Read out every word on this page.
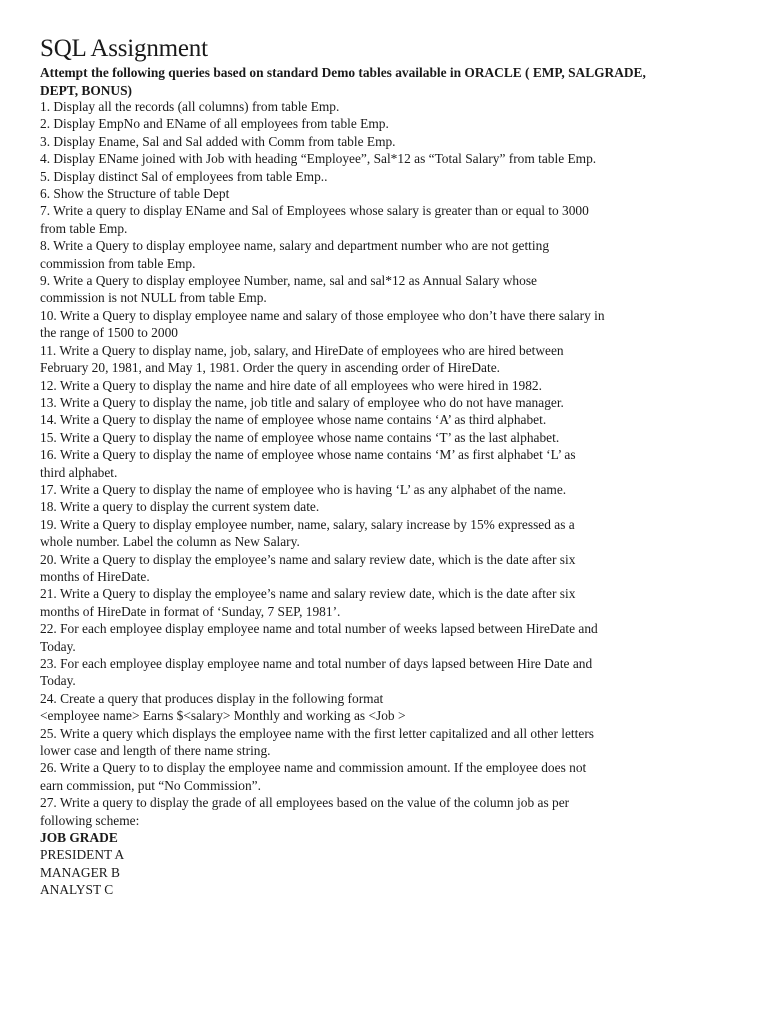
SQL Assignment
Attempt the following queries based on standard Demo tables available in ORACLE ( EMP, SALGRADE,
DEPT, BONUS)
1. Display all the records (all columns) from table Emp.
2. Display EmpNo and EName of all employees from table Emp.
3. Display Ename, Sal and Sal added with Comm from table Emp.
4. Display EName joined with Job with heading “Employee”, Sal*12 as “Total Salary” from table Emp.
5. Display distinct Sal of employees from table Emp..
6. Show the Structure of table Dept
7. Write a query to display EName and Sal of Employees whose salary is greater than or equal to 3000
from table Emp.
8. Write a Query to display employee name, salary and department number who are not getting
commission from table Emp.
9. Write a Query to display employee Number, name, sal and sal*12 as Annual Salary whose
commission is not NULL from table Emp.
10. Write a Query to display employee name and salary of those employee who don’t have there salary in
the range of 1500 to 2000
11. Write a Query to display name, job, salary, and HireDate of employees who are hired between
February 20, 1981, and May 1, 1981. Order the query in ascending order of HireDate.
12. Write a Query to display the name and hire date of all employees who were hired in 1982.
13. Write a Query to display the name, job title and salary of employee who do not have manager.
14. Write a Query to display the name of employee whose name contains ‘A’ as third alphabet.
15. Write a Query to display the name of employee whose name contains ‘T’ as the last alphabet.
16. Write a Query to display the name of employee whose name contains ‘M’ as first alphabet ‘L’ as
third alphabet.
17. Write a Query to display the name of employee who is having ‘L’ as any alphabet of the name.
18. Write a query to display the current system date.
19. Write a Query to display employee number, name, salary, salary increase by 15% expressed as a
whole number. Label the column as New Salary.
20. Write a Query to display the employee’s name and salary review date, which is the date after six
months of HireDate.
21. Write a Query to display the employee’s name and salary review date, which is the date after six
months of HireDate in format of ‘Sunday, 7 SEP, 1981’.
22. For each employee display employee name and total number of weeks lapsed between HireDate and
Today.
23. For each employee display employee name and total number of days lapsed between Hire Date and
Today.
24. Create a query that produces display in the following format
<employee name> Earns $<salary> Monthly and working as <Job >
25. Write a query which displays the employee name with the first letter capitalized and all other letters
lower case and length of there name string.
26. Write a Query to to display the employee name and commission amount. If the employee does not
earn commission, put “No Commission”.
27. Write a query to display the grade of all employees based on the value of the column job as per
following scheme:
JOB GRADE
PRESIDENT A
MANAGER B
ANALYST C
